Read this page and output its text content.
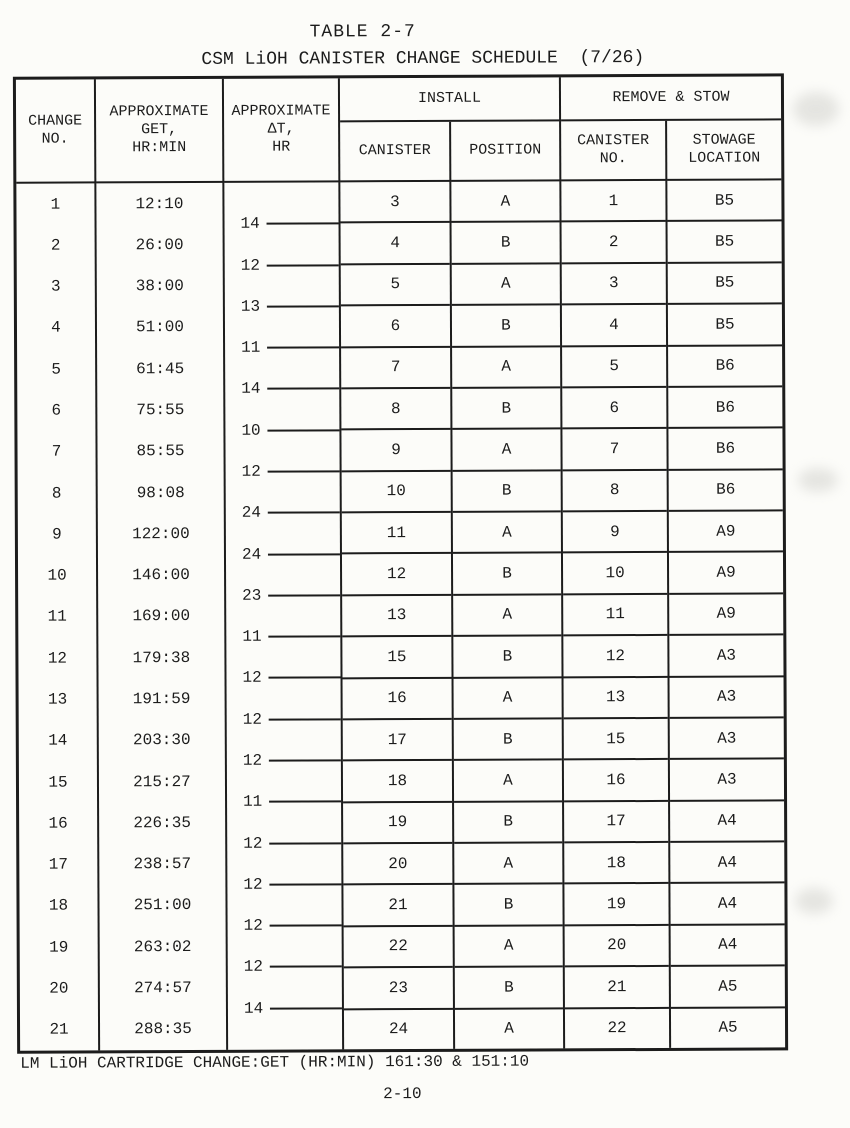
TABLE 2-7
CSM LiOH CANISTER CHANGE SCHEDULE  (7/26)
CHANGE
NO.
APPROXIMATE
GET,
HR:MIN
APPROXIMATE
ΔT,
HR
INSTALL	REMOVE & STOW
CANISTER	POSITION
CANISTER
NO.
STOWAGE
LOCATION
1
2
3
4
5
6
7
8
9
10
11
12
13
14
15
16
17
18
19
20
21
12:10
26:00
38:00
51:00
61:45
75:55
85:55
98:08
122:00
146:00
169:00
179:38
191:59
203:30
215:27
226:35
238:57
251:00
263:02
274:57
288:35
14
12
13
11
14
10
12
24
24
23
11
12
12
12
11
12
12
12
12
14
3
4
5
6
7
8
9
10
11
12
13
15
16
17
18
19
20
21
22
23
24
A
B
A
B
A
B
A
B
A
B
A
B
A
B
A
B
A
B
A
B
A
1
2
3
4
5
6
7
8
9
10
11
12
13
15
16
17
18
19
20
21
22
B5
B5
B5
B5
B6
B6
B6
B6
A9
A9
A9
A3
A3
A3
A3
A4
A4
A4
A4
A5
A5
LM LiOH CARTRIDGE CHANGE:GET (HR:MIN) 161:30 & 151:10
2-10
